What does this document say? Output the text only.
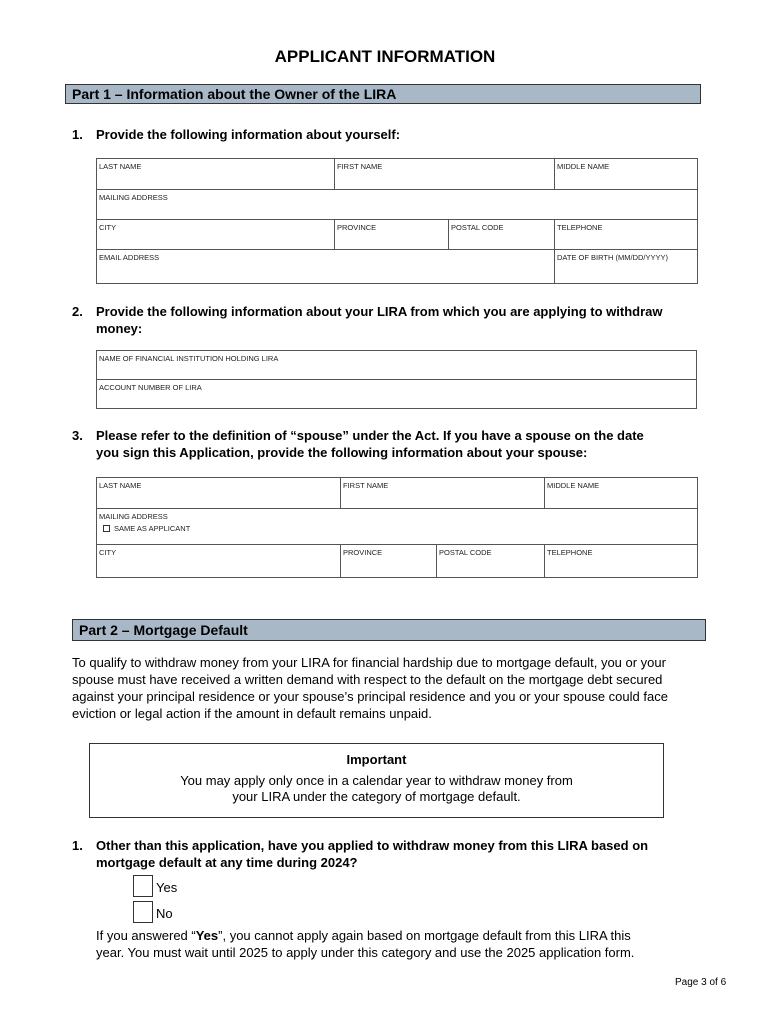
APPLICANT INFORMATION
Part 1 – Information about the Owner of the LIRA
1. Provide the following information about yourself:
LAST NAME	FIRST NAME		MIDDLE NAME
MAILING ADDRESS			
CITY	PROVINCE	POSTAL CODE	TELEPHONE
EMAIL ADDRESS			DATE OF BIRTH (MM/DD/YYYY)
2. Provide the following information about your LIRA from which you are applying to withdraw
money:
NAME OF FINANCIAL INSTITUTION HOLDING LIRA
ACCOUNT NUMBER OF LIRA
3. Please refer to the definition of “spouse” under the Act. If you have a spouse on the date
you sign this Application, provide the following information about your spouse:
LAST NAME	FIRST NAME		MIDDLE NAME

MAILING ADDRESS
SAME AS APPLICANT			

CITY	PROVINCE	POSTAL CODE	TELEPHONE
Part 2 – Mortgage Default
To qualify to withdraw money from your LIRA for financial hardship due to mortgage default, you or your
spouse must have received a written demand with respect to the default on the mortgage debt secured
against your principal residence or your spouse’s principal residence and you or your spouse could face
eviction or legal action if the amount in default remains unpaid.
Important
You may apply only once in a calendar year to withdraw money from
your LIRA under the category of mortgage default.
1. Other than this application, have you applied to withdraw money from this LIRA based on
mortgage default at any time during 2024?
Yes
No
If you answered “Yes”, you cannot apply again based on mortgage default from this LIRA this
year. You must wait until 2025 to apply under this category and use the 2025 application form.
Page 3 of 6
